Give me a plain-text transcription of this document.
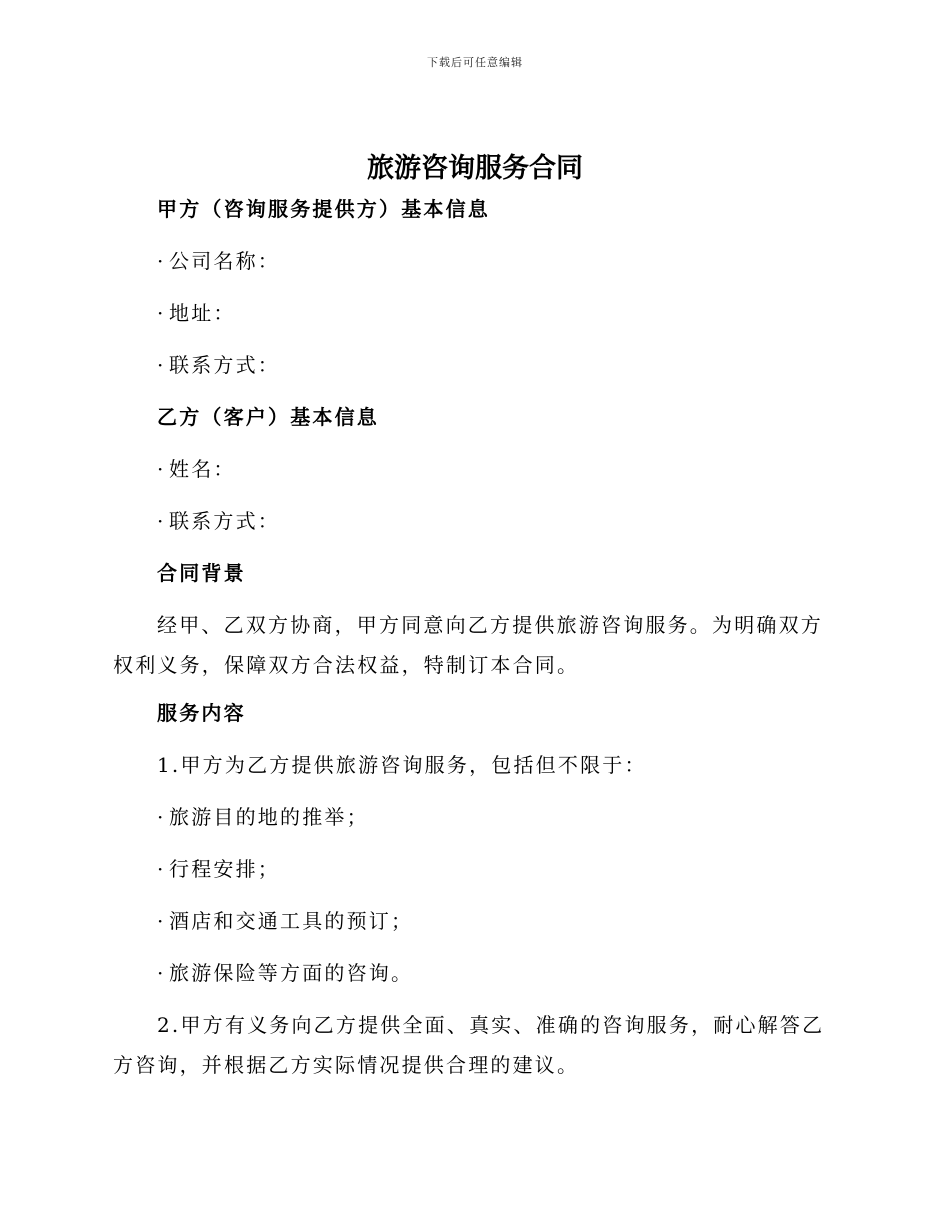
下载后可任意编辑
旅游咨询服务合同

甲方（咨询服务提供方）基本信息

· 公司名称：

· 地址：

· 联系方式：

乙方（客户）基本信息

· 姓名：

· 联系方式：

合同背景

经甲、乙双方协商，甲方同意向乙方提供旅游咨询服务。为明确双方权利义务，保障双方合法权益，特制订本合同。

服务内容

1.甲方为乙方提供旅游咨询服务，包括但不限于：

· 旅游目的地的推举；

· 行程安排；

· 酒店和交通工具的预订；

· 旅游保险等方面的咨询。

2.甲方有义务向乙方提供全面、真实、准确的咨询服务，耐心解答乙方咨询，并根据乙方实际情况提供合理的建议。
